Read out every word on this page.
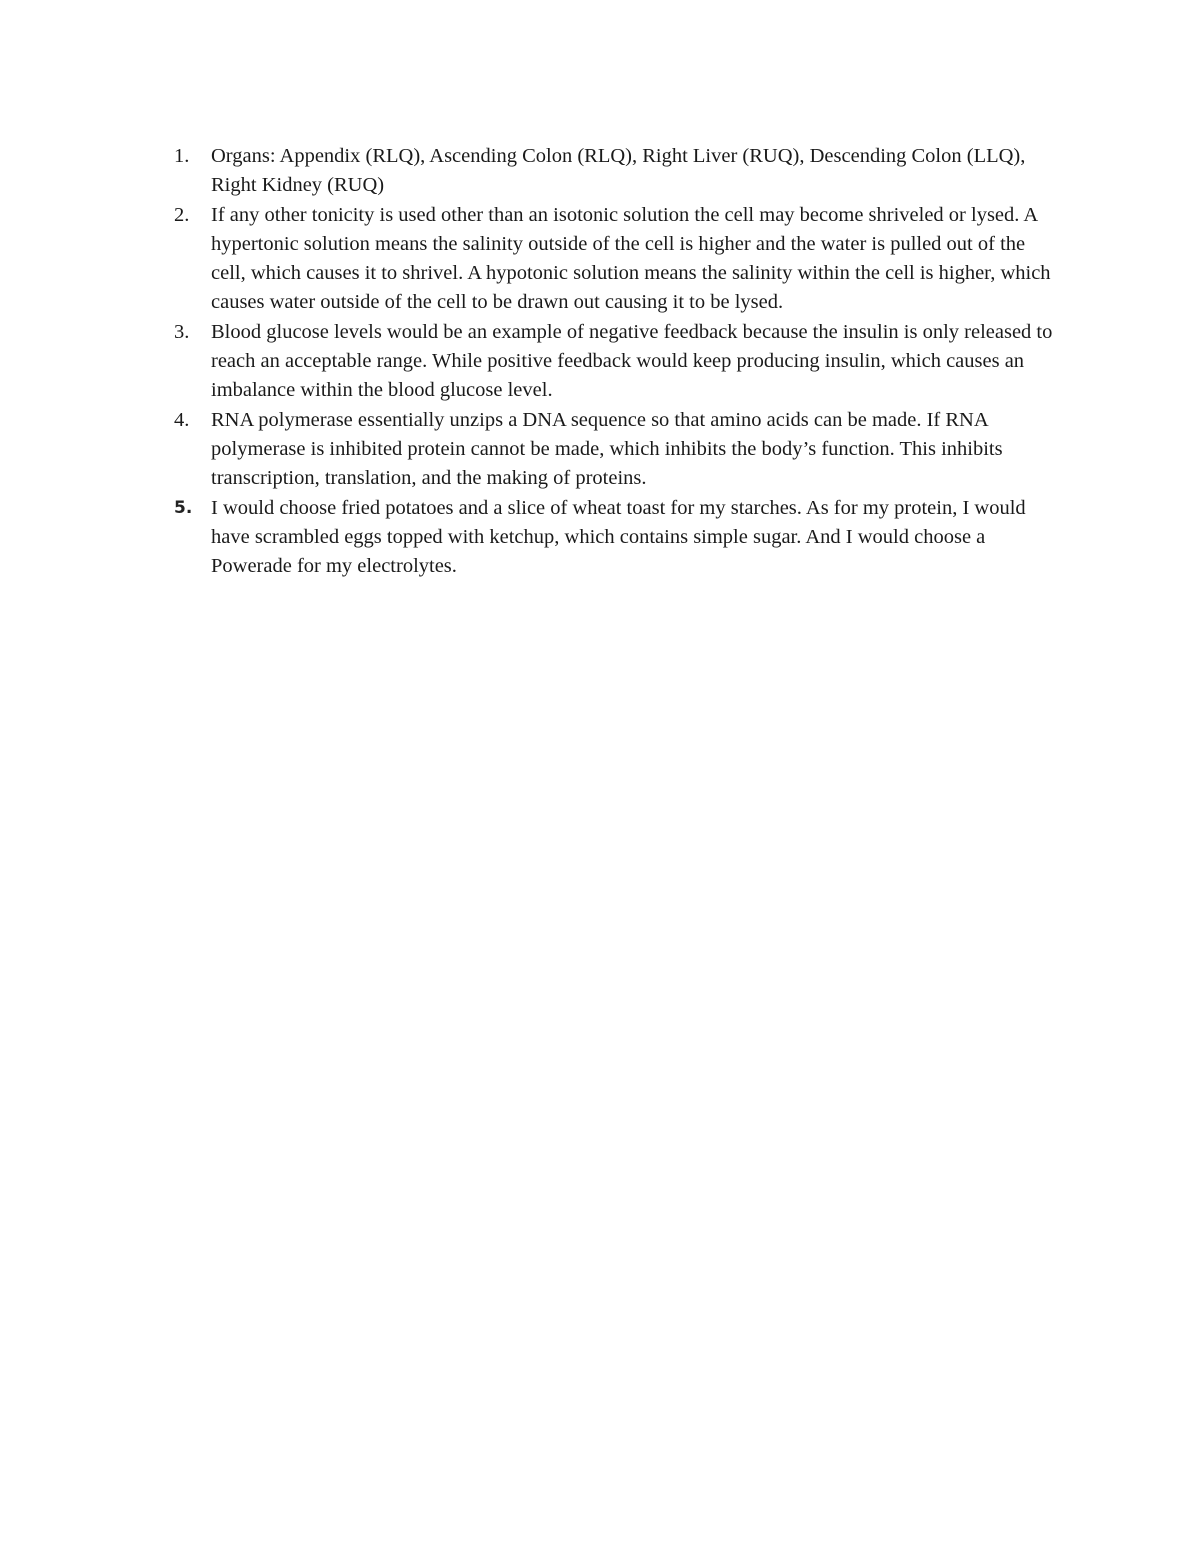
1.	Organs: Appendix (RLQ), Ascending Colon (RLQ), Right Liver (RUQ), Descending Colon (LLQ), Right Kidney (RUQ)
2.	If any other tonicity is used other than an isotonic solution the cell may become shriveled or lysed. A hypertonic solution means the salinity outside of the cell is higher and the water is pulled out of the cell, which causes it to shrivel. A hypotonic solution means the salinity within the cell is higher, which causes water outside of the cell to be drawn out causing it to be lysed.
3.	Blood glucose levels would be an example of negative feedback because the insulin is only released to reach an acceptable range. While positive feedback would keep producing insulin, which causes an imbalance within the blood glucose level.
4.	RNA polymerase essentially unzips a DNA sequence so that amino acids can be made. If RNA polymerase is inhibited protein cannot be made, which inhibits the body’s function. This inhibits transcription, translation, and the making of proteins.
5. I would choose fried potatoes and a slice of wheat toast for my starches. As for my protein, I would have scrambled eggs topped with ketchup, which contains simple sugar. And I would choose a Powerade for my electrolytes.
